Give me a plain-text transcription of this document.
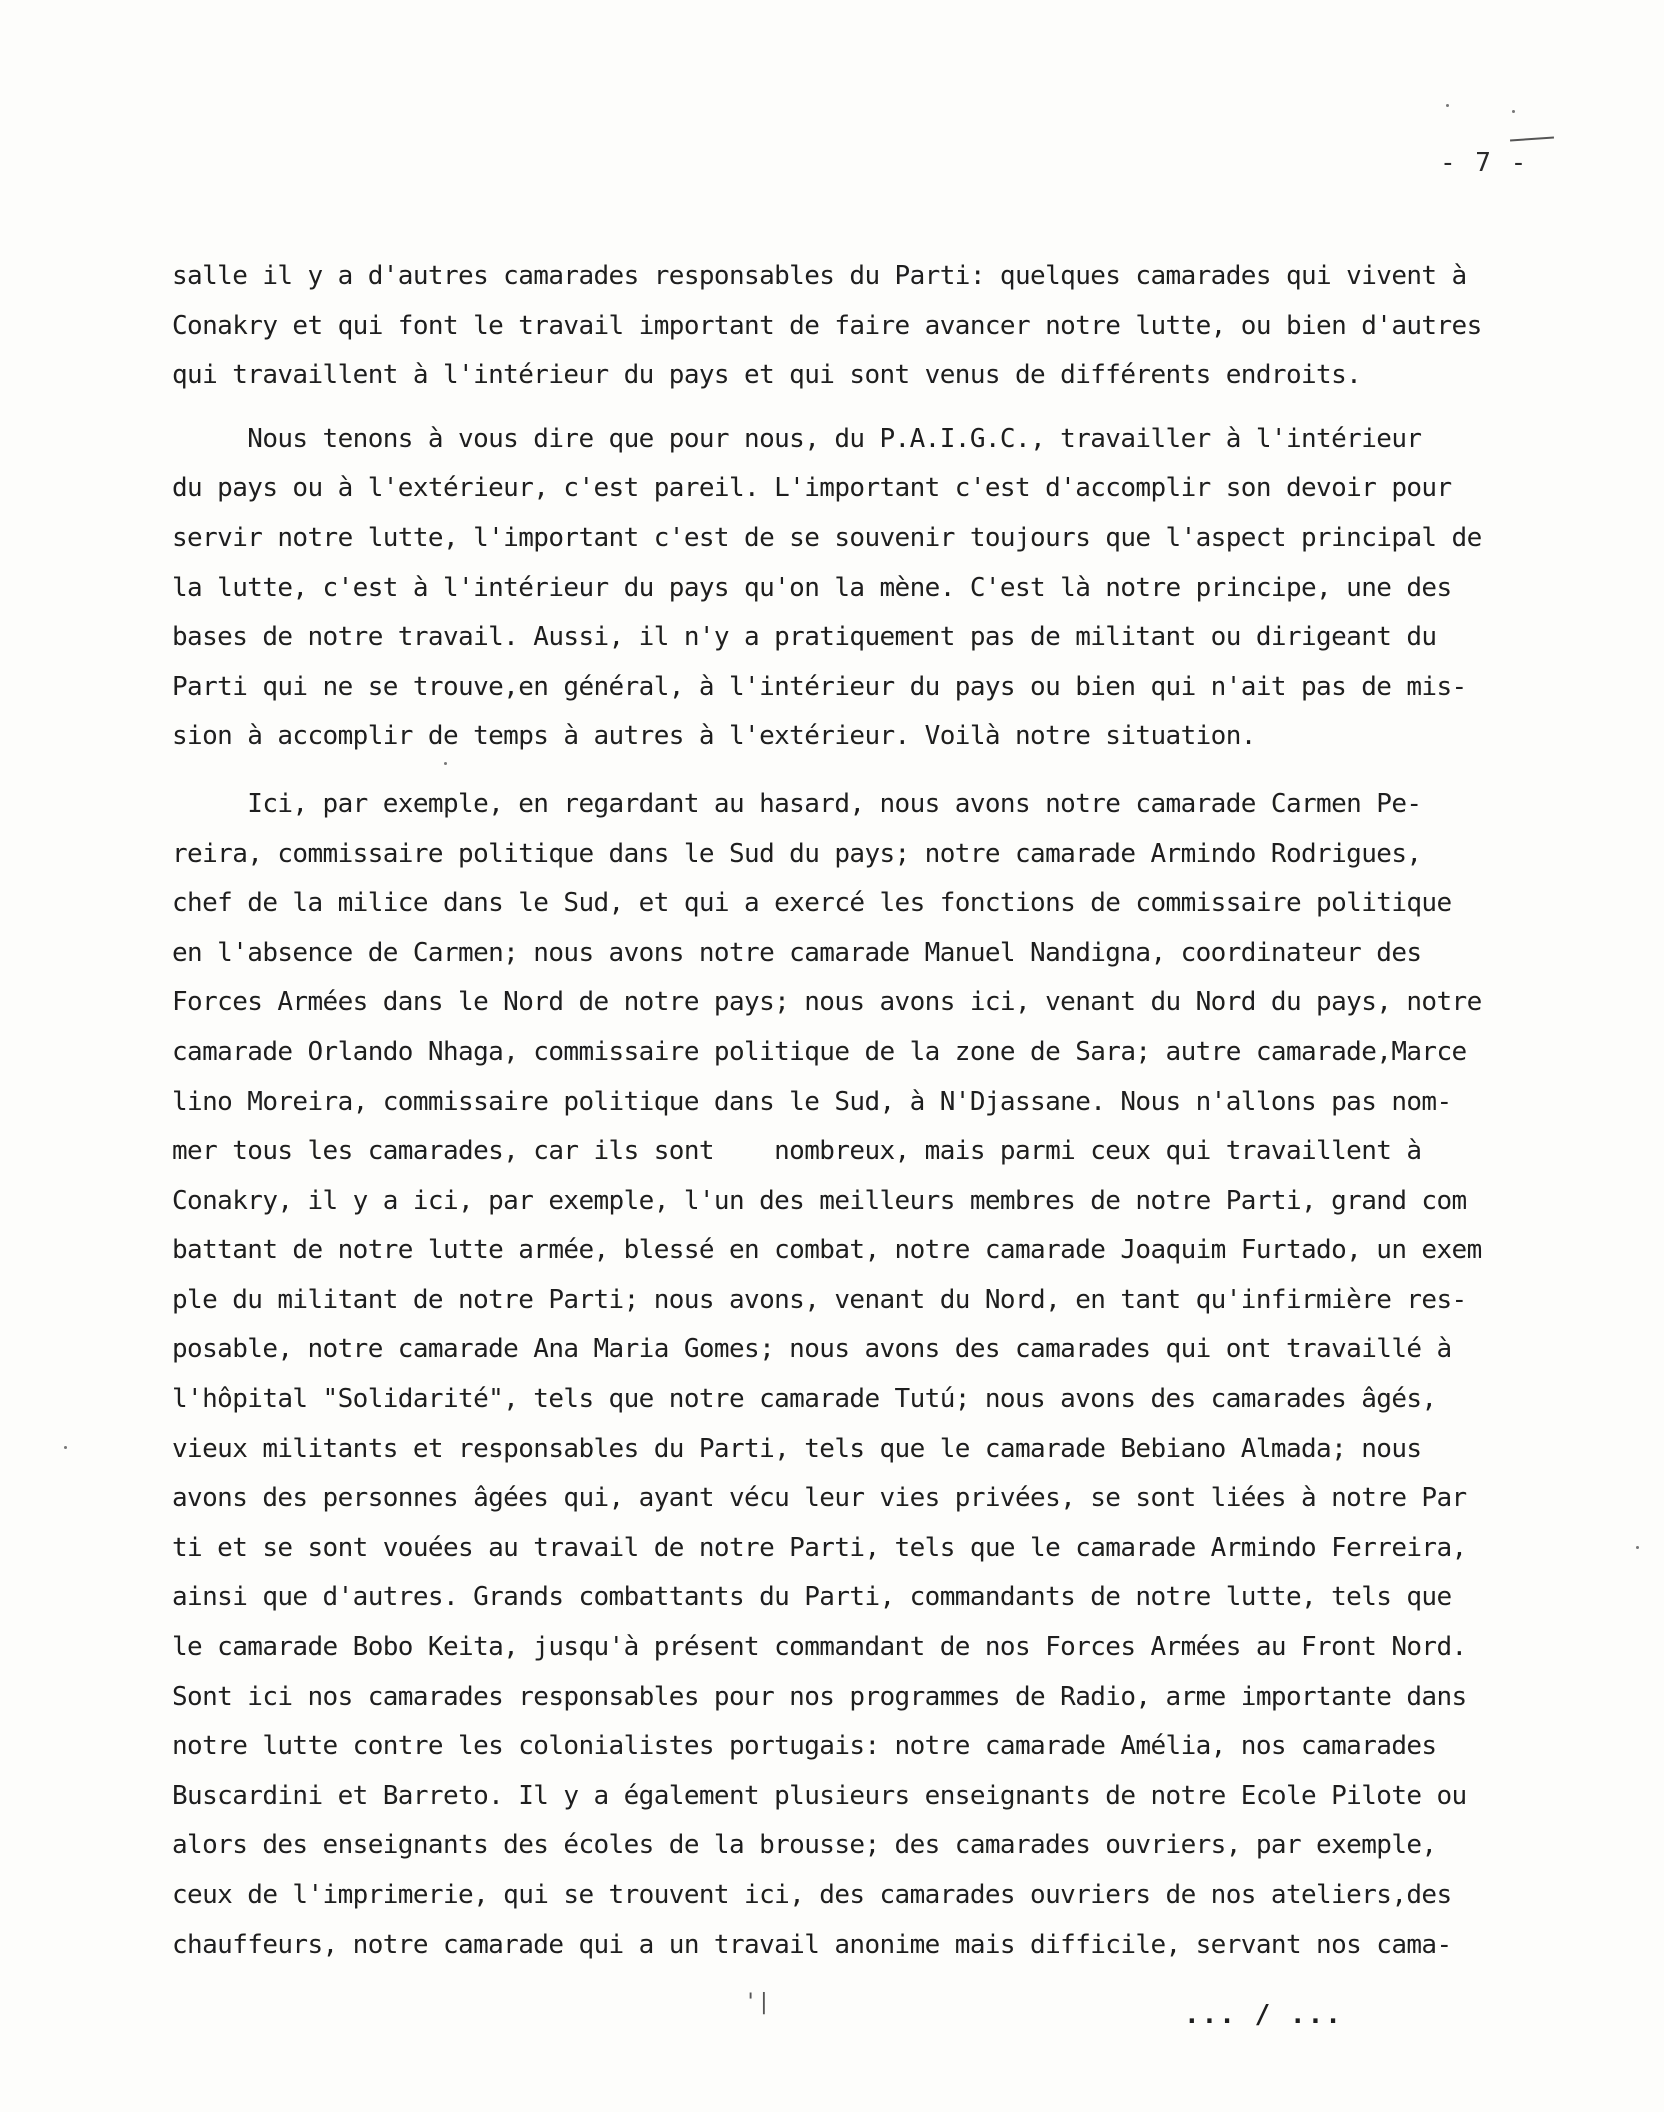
- 7 -
salle il y a d'autres camarades responsables du Parti: quelques camarades qui vivent à
Conakry et qui font le travail important de faire avancer notre lutte, ou bien d'autres
qui travaillent à l'intérieur du pays et qui sont venus de différents endroits.
Nous tenons à vous dire que pour nous, du P.A.I.G.C., travailler à l'intérieur
du pays ou à l'extérieur, c'est pareil. L'important c'est d'accomplir son devoir pour
servir notre lutte, l'important c'est de se souvenir toujours que l'aspect principal de
la lutte, c'est à l'intérieur du pays qu'on la mène. C'est là notre principe, une des
bases de notre travail. Aussi, il n'y a pratiquement pas de militant ou dirigeant du
Parti qui ne se trouve,en général, à l'intérieur du pays ou bien qui n'ait pas de mis-
sion à accomplir de temps à autres à l'extérieur. Voilà notre situation.
Ici, par exemple, en regardant au hasard, nous avons notre camarade Carmen Pe-
reira, commissaire politique dans le Sud du pays; notre camarade Armindo Rodrigues,
chef de la milice dans le Sud, et qui a exercé les fonctions de commissaire politique
en l'absence de Carmen; nous avons notre camarade Manuel Nandigna, coordinateur des
Forces Armées dans le Nord de notre pays; nous avons ici, venant du Nord du pays, notre
camarade Orlando Nhaga, commissaire politique de la zone de Sara; autre camarade,Marce
lino Moreira, commissaire politique dans le Sud, à N'Djassane. Nous n'allons pas nom-
mer tous les camarades, car ils sont    nombreux, mais parmi ceux qui travaillent à
Conakry, il y a ici, par exemple, l'un des meilleurs membres de notre Parti, grand com
battant de notre lutte armée, blessé en combat, notre camarade Joaquim Furtado, un exem
ple du militant de notre Parti; nous avons, venant du Nord, en tant qu'infirmière res-
posable, notre camarade Ana Maria Gomes; nous avons des camarades qui ont travaillé à
l'hôpital "Solidarité", tels que notre camarade Tutú; nous avons des camarades âgés,
vieux militants et responsables du Parti, tels que le camarade Bebiano Almada; nous
avons des personnes âgées qui, ayant vécu leur vies privées, se sont liées à notre Par
ti et se sont vouées au travail de notre Parti, tels que le camarade Armindo Ferreira,
ainsi que d'autres. Grands combattants du Parti, commandants de notre lutte, tels que
le camarade Bobo Keita, jusqu'à présent commandant de nos Forces Armées au Front Nord.
Sont ici nos camarades responsables pour nos programmes de Radio, arme importante dans
notre lutte contre les colonialistes portugais: notre camarade Amélia, nos camarades
Buscardini et Barreto. Il y a également plusieurs enseignants de notre Ecole Pilote ou
alors des enseignants des écoles de la brousse; des camarades ouvriers, par exemple,
ceux de l'imprimerie, qui se trouvent ici, des camarades ouvriers de nos ateliers,des
chauffeurs, notre camarade qui a un travail anonime mais difficile, servant nos cama-
'|	... / ...
